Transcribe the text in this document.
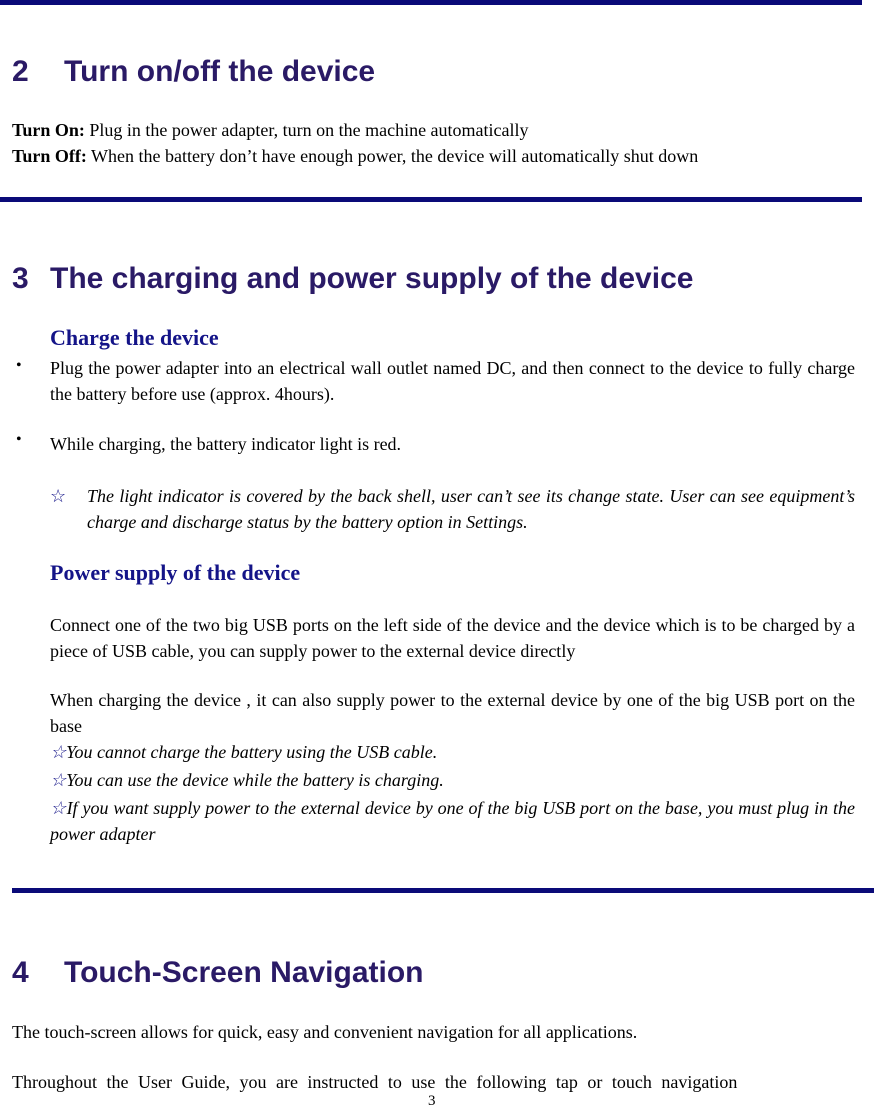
2 Turn on/off the device
Turn On: Plug in the power adapter, turn on the machine automatically
Turn Off: When the battery don’t have enough power, the device will automatically shut down
3 The charging and power supply of the device
Charge the device
• Plug the power adapter into an electrical wall outlet named DC, and then connect to the device to fully charge the battery before use (approx. 4hours).
• While charging, the battery indicator light is red.
☆ The light indicator is covered by the back shell, user can’t see its change state. User can see equipment’s charge and discharge status by the battery option in Settings.
Power supply of the device
Connect one of the two big USB ports on the left side of the device and the device which is to be charged by a piece of USB cable, you can supply power to the external device directly
When charging the device , it can also supply power to the external device by one of the big USB port on the base
☆You cannot charge the battery using the USB cable.
☆You can use the device while the battery is charging.
☆If you want supply power to the external device by one of the big USB port on the base, you must plug in the power adapter
4 Touch-Screen Navigation
The touch-screen allows for quick, easy and convenient navigation for all applications.
Throughout the User Guide, you are instructed to use the following tap or touch navigation
3
